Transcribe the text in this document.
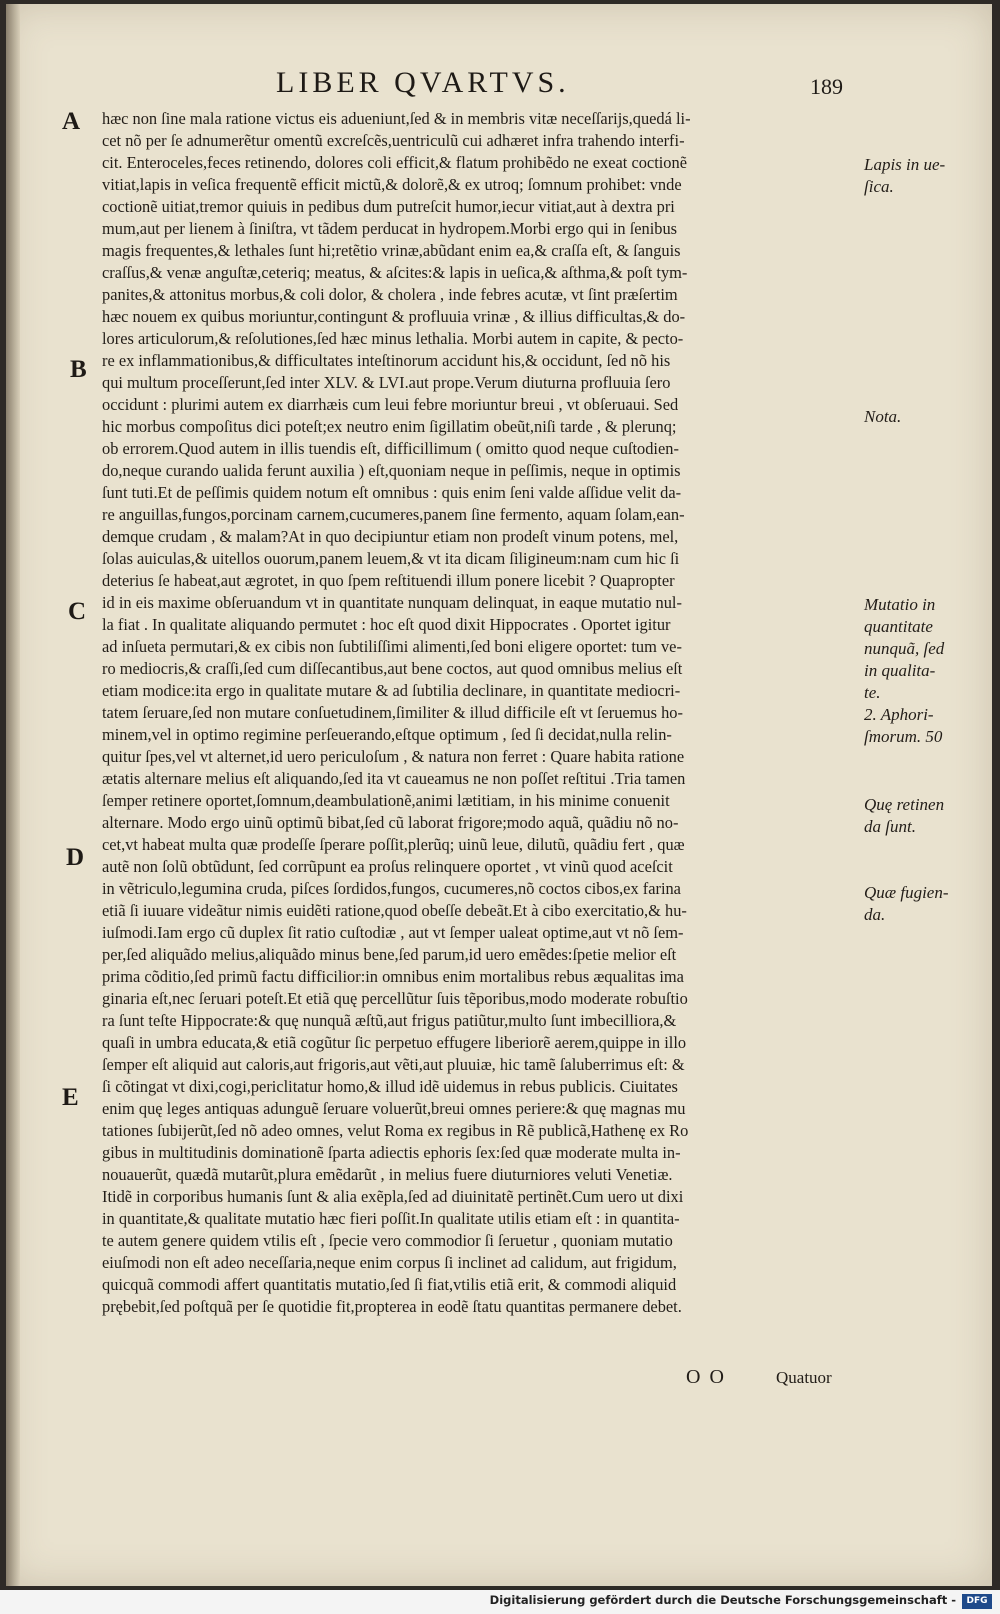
LIBER QVARTVS.	189
A
B
C
D
E
hæc non ſine mala ratione victus eis adueniunt,ſed & in membris vitæ neceſſarijs,quedá li-
cet nõ per ſe adnumerẽtur omentũ excreſcẽs,uentriculũ cui adhæret infra trahendo interfi-
cit. Enteroceles,feces retinendo, dolores coli efficit,& flatum prohibẽdo ne exeat coctionẽ
vitiat,lapis in veſica frequentẽ efficit mictũ,& dolorẽ,& ex utroq; ſomnum prohibet: vnde
coctionẽ uitiat,tremor quiuis in pedibus dum putreſcit humor,iecur vitiat,aut à dextra pri
mum,aut per lienem à ſiniſtra, vt tãdem perducat in hydropem.Morbi ergo qui in ſenibus
magis frequentes,& lethales ſunt hi;retẽtio vrinæ,abũdant enim ea,& craſſa eſt, & ſanguis
craſſus,& venæ anguſtæ,ceteriq; meatus, & aſcites:& lapis in ueſica,& aſthma,& poſt tym-
panites,& attonitus morbus,& coli dolor, & cholera , inde febres acutæ, vt ſint præſertim
hæc nouem ex quibus moriuntur,contingunt & profluuia vrinæ , & illius difficultas,& do-
lores articulorum,& reſolutiones,ſed hæc minus lethalia. Morbi autem in capite, & pecto-
re ex inflammationibus,& difficultates inteſtinorum accidunt his,& occidunt, ſed nõ his
qui multum proceſſerunt,ſed inter XLV. & LVI.aut prope.Verum diuturna profluuia ſero
occidunt : plurimi autem ex diarrhæis cum leui febre moriuntur breui , vt obſeruaui. Sed
hic morbus compoſitus dici poteſt;ex neutro enim ſigillatim obeũt,niſi tarde , & plerunq;
ob errorem.Quod autem in illis tuendis eſt, difficillimum ( omitto quod neque cuſtodien-
do,neque curando ualida ferunt auxilia ) eſt,quoniam neque in peſſimis, neque in optimis
ſunt tuti.Et de peſſimis quidem notum eſt omnibus : quis enim ſeni valde aſſidue velit da-
re anguillas,fungos,porcinam carnem,cucumeres,panem ſine fermento, aquam ſolam,ean-
demque crudam , & malam?At in quo decipiuntur etiam non prodeſt vinum potens, mel,
ſolas auiculas,& uitellos ouorum,panem leuem,& vt ita dicam ſiligineum:nam cum hic ſi
deterius ſe habeat,aut ægrotet, in quo ſpem reſtituendi illum ponere licebit ? Quapropter
id in eis maxime obſeruandum vt in quantitate nunquam delinquat, in eaque mutatio nul-
la fiat . In qualitate aliquando permutet : hoc eſt quod dixit Hippocrates . Oportet igitur
ad inſueta permutari,& ex cibis non ſubtiliſſimi alimenti,ſed boni eligere oportet: tum ve-
ro mediocris,& craſſi,ſed cum diſſecantibus,aut bene coctos, aut quod omnibus melius eſt
etiam modice:ita ergo in qualitate mutare & ad ſubtilia declinare, in quantitate mediocri-
tatem ſeruare,ſed non mutare conſuetudinem,ſimiliter & illud difficile eſt vt ſeruemus ho-
minem,vel in optimo regimine perſeuerando,eſtque optimum , ſed ſi decidat,nulla relin-
quitur ſpes,vel vt alternet,id uero periculoſum , & natura non ferret : Quare habita ratione
ætatis alternare melius eſt aliquando,ſed ita vt caueamus ne non poſſet reſtitui .Tria tamen
ſemper retinere oportet,ſomnum,deambulationẽ,animi lætitiam, in his minime conuenit
alternare. Modo ergo uinũ optimũ bibat,ſed cũ laborat frigore;modo aquã, quãdiu nõ no-
cet,vt habeat multa quæ prodeſſe ſperare poſſit,plerũq; uinũ leue, dilutũ, quãdiu fert , quæ
autẽ non ſolũ obtũdunt, ſed corrũpunt ea proſus relinquere oportet , vt vinũ quod aceſcit
in vẽtriculo,legumina cruda, piſces ſordidos,fungos, cucumeres,nõ coctos cibos,ex farina
etiã ſi iuuare videãtur nimis euidẽti ratione,quod obeſſe debeãt.Et à cibo exercitatio,& hu-
iuſmodi.Iam ergo cũ duplex ſit ratio cuſtodiæ , aut vt ſemper ualeat optime,aut vt nõ ſem-
per,ſed aliquãdo melius,aliquãdo minus bene,ſed parum,id uero emẽdes:ſpetie melior eſt
prima cõditio,ſed primũ factu difficilior:in omnibus enim mortalibus rebus æqualitas ima
ginaria eſt,nec ſeruari poteſt.Et etiã quę percellũtur ſuis tẽporibus,modo moderate robuſtio
ra ſunt teſte Hippocrate:& quę nunquã æſtũ,aut frigus patiũtur,multo ſunt imbecilliora,&
quaſi in umbra educata,& etiã cogũtur ſic perpetuo effugere liberiorẽ aerem,quippe in illo
ſemper eſt aliquid aut caloris,aut frigoris,aut vẽti,aut pluuiæ, hic tamẽ ſaluberrimus eſt: &
ſi cõtingat vt dixi,cogi,periclitatur homo,& illud idẽ uidemus in rebus publicis. Ciuitates
enim quę leges antiquas adunguẽ ſeruare voluerũt,breui omnes periere:& quę magnas mu
tationes ſubijerũt,ſed nõ adeo omnes, velut Roma ex regibus in Rẽ publicã,Hathenę ex Ro
gibus in multitudinis dominationẽ ſparta adiectis ephoris ſex:ſed quæ moderate multa in-
nouauerũt, quædã mutarũt,plura emẽdarũt , in melius fuere diuturniores veluti Venetiæ.
Itidẽ in corporibus humanis ſunt & alia exẽpla,ſed ad diuinitatẽ pertinẽt.Cum uero ut dixi
in quantitate,& qualitate mutatio hæc fieri poſſit.In qualitate utilis etiam eſt : in quantita-
te autem genere quidem vtilis eſt , ſpecie vero commodior ſi ſeruetur , quoniam mutatio
eiuſmodi non eſt adeo neceſſaria,neque enim corpus ſi inclinet ad calidum, aut frigidum,
quicquã commodi affert quantitatis mutatio,ſed ſi fiat,vtilis etiã erit, & commodi aliquid
prębebit,ſed poſtquã per ſe quotidie fit,propterea in eodẽ ſtatu quantitas permanere debet.
Lapis in ue-
ſica.
Nota.
Mutatio in
quantitate
nunquã, ſed
in qualita-
te.
2. Aphori-
ſmorum. 50
Quę retinen
da ſunt.
Quæ fugien-
da.
O O	Quatuor
Digitalisierung gefördert durch die Deutsche Forschungsgemeinschaft -	DFG
